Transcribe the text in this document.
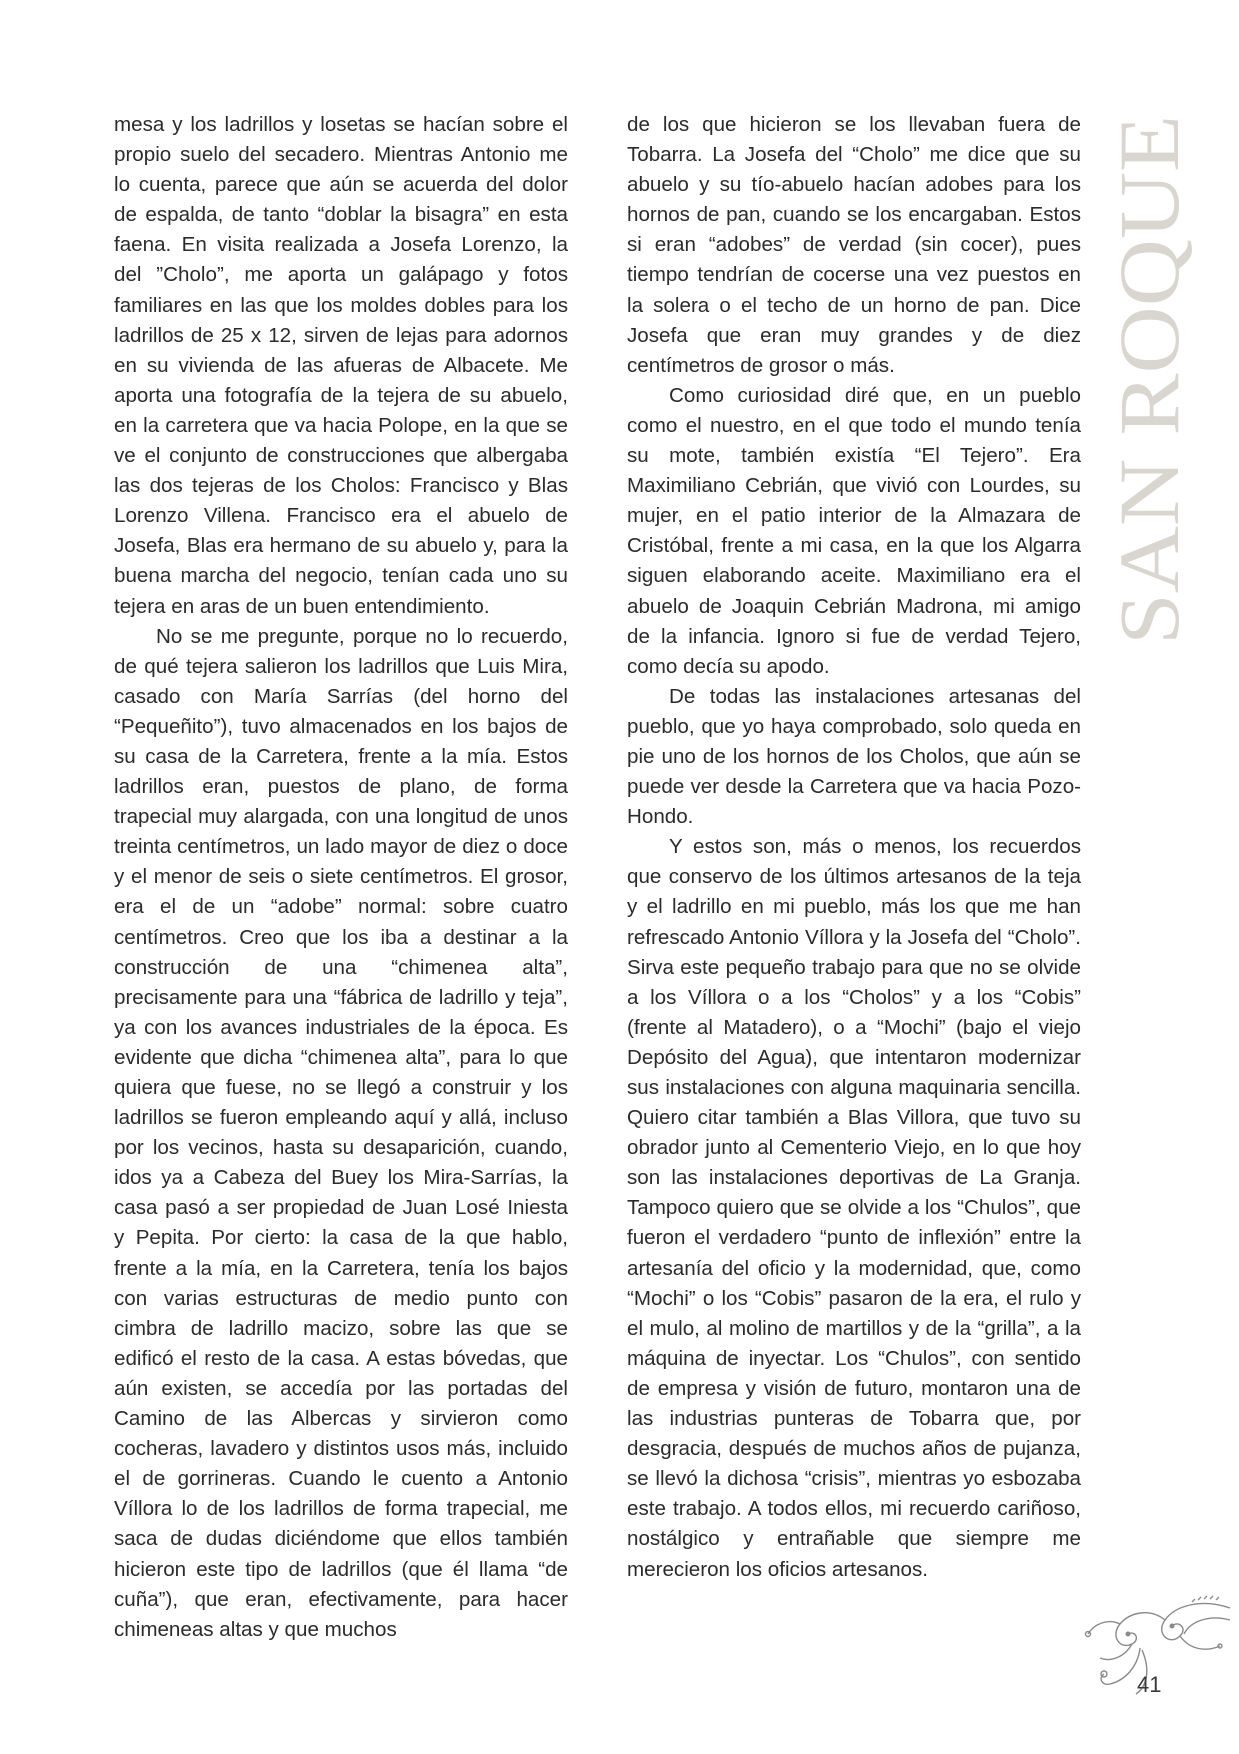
mesa y los ladrillos y losetas se hacían sobre el propio suelo del secadero. Mientras Antonio me lo cuenta, parece que aún se acuerda del dolor de espalda, de tanto “doblar la bisagra” en esta faena. En visita realizada a Josefa Lorenzo, la del ”Cholo”, me aporta un galápago y fotos familiares en las que los moldes dobles para los ladrillos de 25 x 12, sirven de lejas para adornos en su vivienda de las afueras de Albacete. Me aporta una fotografía de la tejera de su abuelo, en la carretera que va hacia Polope, en la que se ve el conjunto de construcciones que albergaba las dos tejeras de los Cholos: Francisco y Blas Lorenzo Villena. Francisco era el abuelo de Josefa, Blas era hermano de su abuelo y, para la buena marcha del negocio, tenían cada uno su tejera en aras de un buen entendimiento.

No se me pregunte, porque no lo recuerdo, de qué tejera salieron los ladrillos que Luis Mira, casado con María Sarrías (del horno del “Pequeñito”), tuvo almacenados en los bajos de su casa de la Carretera, frente a la mía. Estos ladrillos eran, puestos de plano, de forma trapecial muy alargada, con una longitud de unos treinta centímetros, un lado mayor de diez o doce y el menor de seis o siete centímetros. El grosor, era el de un “adobe” normal: sobre cuatro centímetros. Creo que los iba a destinar a la construcción de una “chimenea alta”, precisamente para una “fábrica de ladrillo y teja”, ya con los avances industriales de la época. Es evidente que dicha “chimenea alta”, para lo que quiera que fuese, no se llegó a construir y los ladrillos se fueron empleando aquí y allá, incluso por los vecinos, hasta su desaparición, cuando, idos ya a Cabeza del Buey los Mira-Sarrías, la casa pasó a ser propiedad de Juan Losé Iniesta y Pepita. Por cierto: la casa de la que hablo, frente a la mía, en la Carretera, tenía los bajos con varias estructuras de medio punto con cimbra de ladrillo macizo, sobre las que se edificó el resto de la casa. A estas bóvedas, que aún existen, se accedía por las portadas del Camino de las Albercas y sirvieron como cocheras, lavadero y distintos usos más, incluido el de gorrineras. Cuando le cuento a Antonio Víllora lo de los ladrillos de forma trapecial, me saca de dudas diciéndome que ellos también hicieron este tipo de ladrillos (que él llama “de cuña”), que eran, efectivamente, para hacer chimeneas altas y que muchos

de los que hicieron se los llevaban fuera de Tobarra. La Josefa del “Cholo” me dice que su abuelo y su tío-abuelo hacían adobes para los hornos de pan, cuando se los encargaban. Estos si eran “adobes” de verdad (sin cocer), pues tiempo tendrían de cocerse una vez puestos en la solera o el techo de un horno de pan. Dice Josefa que eran muy grandes y de diez centímetros de grosor o más.

Como curiosidad diré que, en un pueblo como el nuestro, en el que todo el mundo tenía su mote, también existía “El Tejero”. Era Maximiliano Cebrián, que vivió con Lourdes, su mujer, en el patio interior de la Almazara de Cristóbal, frente a mi casa, en la que los Algarra siguen elaborando aceite. Maximiliano era el abuelo de Joaquin Cebrián Madrona, mi amigo de la infancia. Ignoro si fue de verdad Tejero, como decía su apodo.

De todas las instalaciones artesanas del pueblo, que yo haya comprobado, solo queda en pie uno de los hornos de los Cholos, que aún se puede ver desde la Carretera que va hacia Pozo-Hondo.

Y estos son, más o menos, los recuerdos que conservo de los últimos artesanos de la teja y el ladrillo en mi pueblo, más los que me han refrescado Antonio Víllora y la Josefa del “Cholo”. Sirva este pequeño trabajo para que no se olvide a los Víllora o a los “Cholos” y a los “Cobis” (frente al Matadero), o a “Mochi” (bajo el viejo Depósito del Agua), que intentaron modernizar sus instalaciones con alguna maquinaria sencilla. Quiero citar también a Blas Villora, que tuvo su obrador junto al Cementerio Viejo, en lo que hoy son las instalaciones deportivas de La Granja. Tampoco quiero que se olvide a los “Chulos”, que fueron el verdadero “punto de inflexión” entre la artesanía del oficio y la modernidad, que, como “Mochi” o los “Cobis” pasaron de la era, el rulo y el mulo, al molino de martillos y de la “grilla”, a la máquina de inyectar. Los “Chulos”, con sentido de empresa y visión de futuro, montaron una de las industrias punteras de Tobarra que, por desgracia, después de muchos años de pujanza, se llevó la dichosa “crisis”, mientras yo esbozaba este trabajo. A todos ellos, mi recuerdo cariñoso, nostálgico y entrañable que siempre me merecieron los oficios artesanos.

SAN ROQUE
41
